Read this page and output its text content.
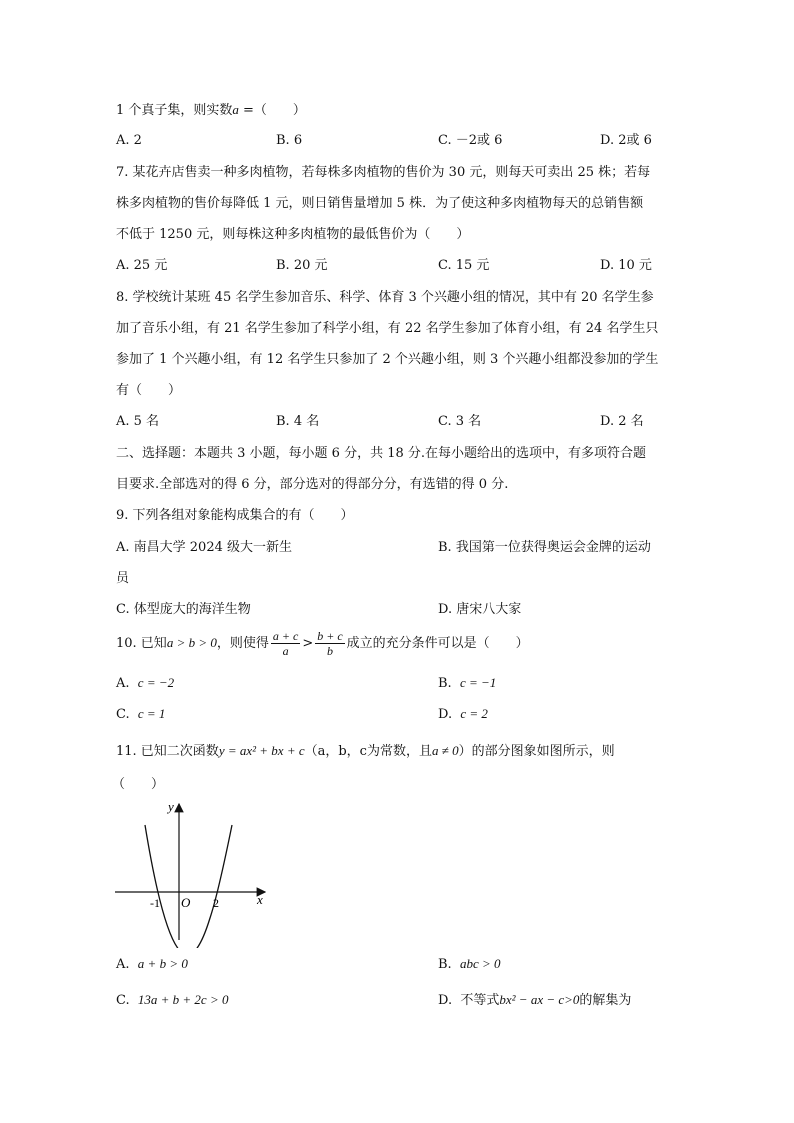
1 个真子集，则实数a =（　　）
A. 2	B. 6	C. －2或 6	D. 2或 6
7. 某花卉店售卖一种多肉植物，若每株多肉植物的售价为 30 元，则每天可卖出 25 株；若每
株多肉植物的售价每降低 1 元，则日销售量增加 5 株．为了使这种多肉植物每天的总销售额
不低于 1250 元，则每株这种多肉植物的最低售价为（　　）
A. 25 元	B. 20 元	C. 15 元	D. 10 元
8. 学校统计某班 45 名学生参加音乐、科学、体育 3 个兴趣小组的情况，其中有 20 名学生参
加了音乐小组，有 21 名学生参加了科学小组，有 22 名学生参加了体育小组，有 24 名学生只
参加了 1 个兴趣小组，有 12 名学生只参加了 2 个兴趣小组，则 3 个兴趣小组都没参加的学生
有（　　）
A. 5 名	B. 4 名	C. 3 名	D. 2 名
二、选择题：本题共 3 小题，每小题 6 分，共 18 分.在每小题给出的选项中，有多项符合题
目要求.全部选对的得 6 分，部分选对的得部分分，有选错的得 0 分.
9. 下列各组对象能构成集合的有（　　）
A. 南昌大学 2024 级大一新生	B. 我国第一位获得奥运会金牌的运动
员
C. 体型庞大的海洋生物	D. 唐宋八大家
10. 已知a > b > 0，则使得 $\frac{a + c}{a} > \frac{b + c}{b}$ 成立的充分条件可以是（　　）
A. c = −2	B. c = −1
C. c = 1	D. c = 2
11. 已知二次函数y = ax² + bx + c（a，b，c为常数，且a ≠ 0）的部分图象如图所示，则
（　　）
y
x
O
-1	2
A. a + b > 0	B. abc > 0
C. 13a + b + 2c > 0	D. 不等式bx² − ax − c>0的解集为
